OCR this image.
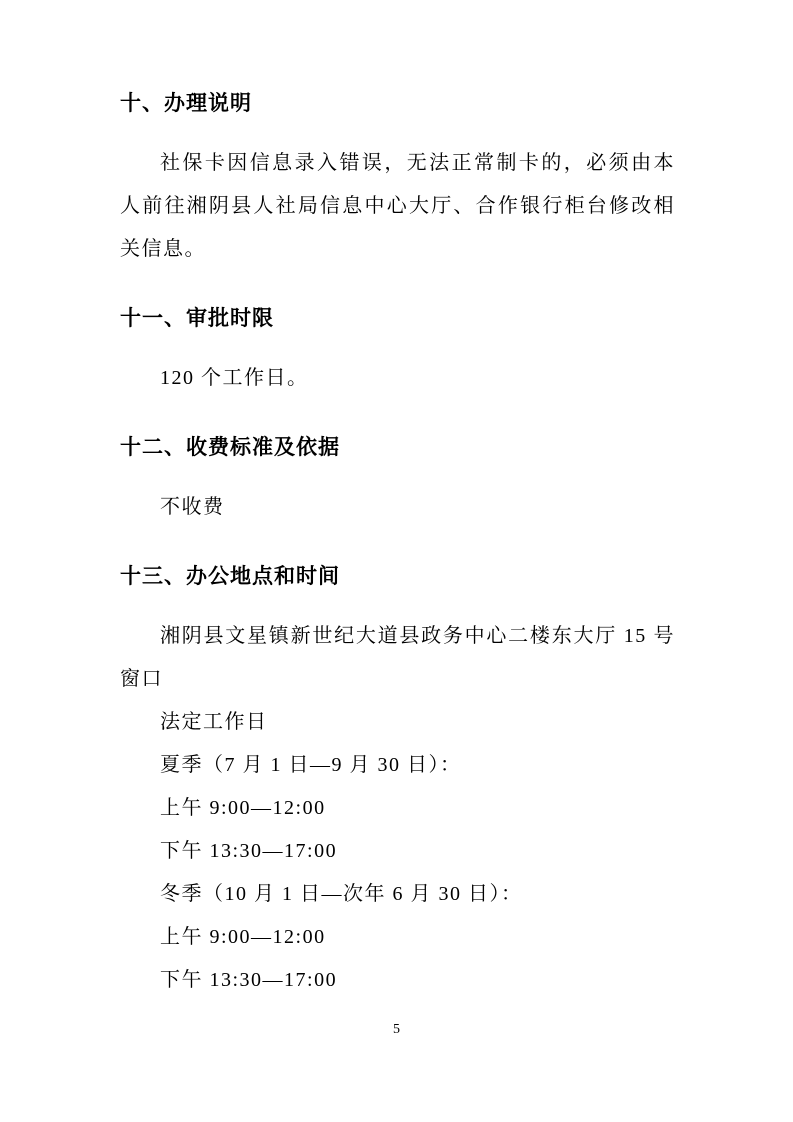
十、办理说明

社保卡因信息录入错误，无法正常制卡的，必须由本人前往湘阴县人社局信息中心大厅、合作银行柜台修改相关信息。

十一、审批时限

120 个工作日。

十二、收费标准及依据

不收费

十三、办公地点和时间

湘阴县文星镇新世纪大道县政务中心二楼东大厅 15 号窗口

法定工作日

夏季（7 月 1 日—9 月 30 日）：

上午 9:00—12:00

下午 13:30—17:00

冬季（10 月 1 日—次年 6 月 30 日）：

上午 9:00—12:00

下午 13:30—17:00

5
